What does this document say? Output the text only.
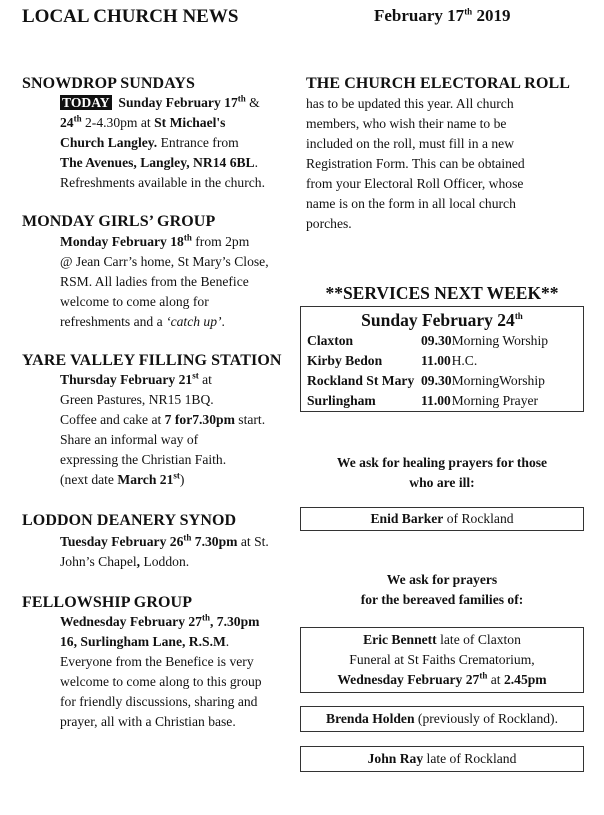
LOCAL CHURCH NEWS	February 17th 2019
SNOWDROP SUNDAYS
TODAY Sunday February 17th &
24th 2-4.30pm at St Michael's
Church Langley. Entrance from
The Avenues, Langley, NR14 6BL.
Refreshments available in the church.
MONDAY GIRLS’ GROUP
Monday February 18th from 2pm
@ Jean Carr’s home, St Mary’s Close,
RSM. All ladies from the Benefice
welcome to come along for
refreshments and a ‘catch up’.
YARE VALLEY FILLING STATION
Thursday February 21st at
Green Pastures, NR15 1BQ.
Coffee and cake at 7 for7.30pm start.
Share an informal way of
expressing the Christian Faith.
(next date March 21st)
LODDON DEANERY SYNOD
Tuesday February 26th 7.30pm at St.
John’s Chapel, Loddon.
FELLOWSHIP GROUP
Wednesday February 27th, 7.30pm
16, Surlingham Lane, R.S.M.
Everyone from the Benefice is very
welcome to come along to this group
for friendly discussions, sharing and
prayer, all with a Christian base.
THE CHURCH ELECTORAL ROLL
has to be updated this year. All church
members, who wish their name to be
included on the roll, must fill in a new
Registration Form. This can be obtained
from your Electoral Roll Officer, whose
name is on the form in all local church
porches.
**SERVICES NEXT WEEK**
Sunday February 24th
Claxton	09.30	Morning Worship
Kirby Bedon	11.00	H.C.
Rockland St Mary	09.30	MorningWorship
Surlingham	11.00	Morning Prayer
We ask for healing prayers for those
who are ill:
Enid Barker of Rockland
We ask for prayers
for the bereaved families of:
Eric Bennett late of Claxton
Funeral at St Faiths Crematorium,
Wednesday February 27th at 2.45pm
Brenda Holden (previously of Rockland).
John Ray late of Rockland
